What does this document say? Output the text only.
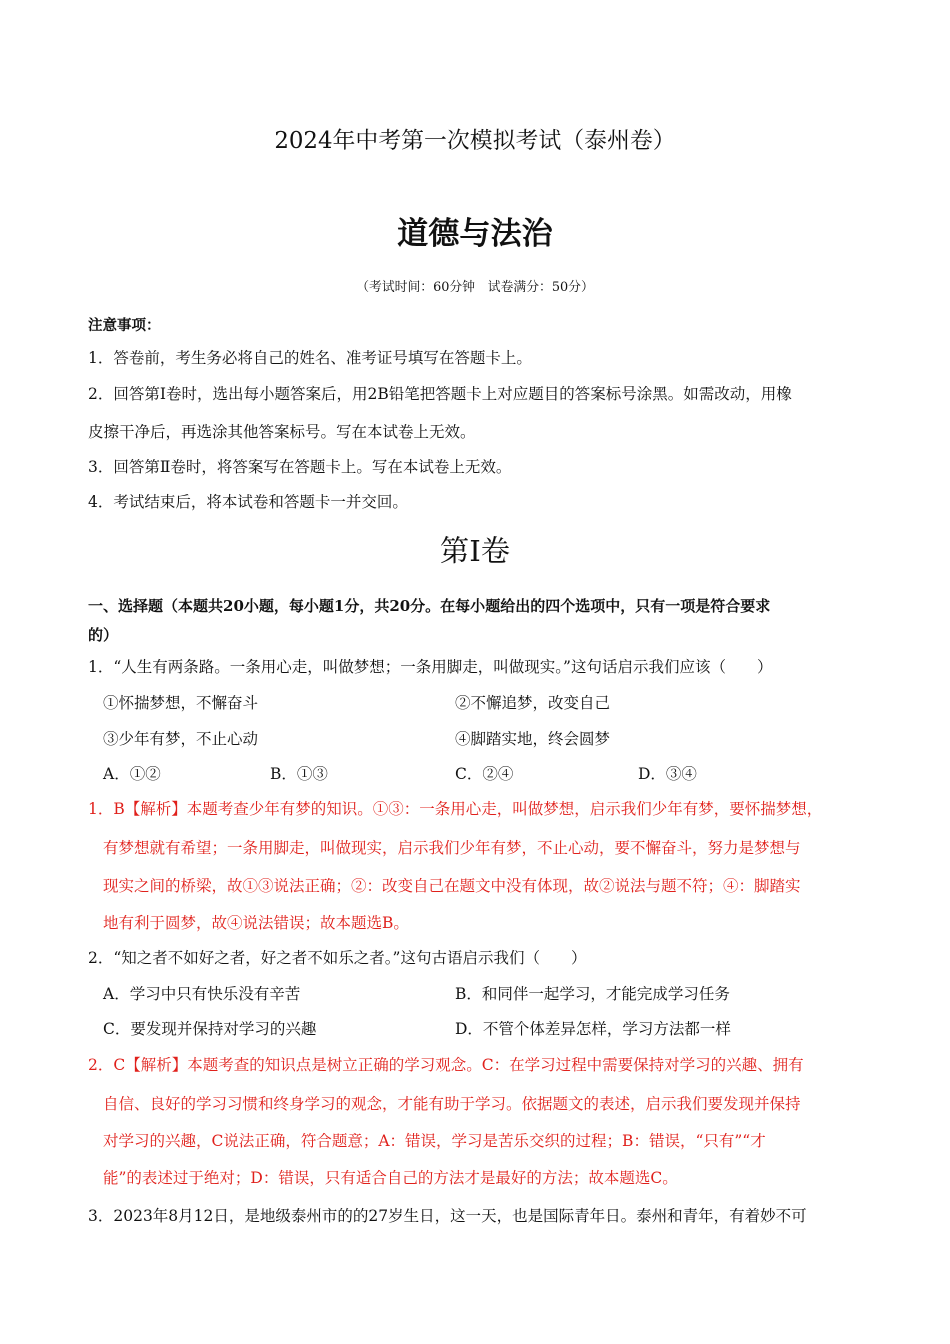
2024年中考第一次模拟考试（泰州卷）
道德与法治
（考试时间：60分钟　试卷满分：50分）
注意事项：
1．答卷前，考生务必将自己的姓名、准考证号填写在答题卡上。
2．回答第Ⅰ卷时，选出每小题答案后，用2B铅笔把答题卡上对应题目的答案标号涂黑。如需改动，用橡
皮擦干净后，再选涂其他答案标号。写在本试卷上无效。
3．回答第Ⅱ卷时，将答案写在答题卡上。写在本试卷上无效。
4．考试结束后，将本试卷和答题卡一并交回。
第Ⅰ卷
一、选择题（本题共20小题，每小题1分，共20分。在每小题给出的四个选项中，只有一项是符合要求
的）
1．“人生有两条路。一条用心走，叫做梦想；一条用脚走，叫做现实。”这句话启示我们应该（　　）
①怀揣梦想，不懈奋斗	②不懈追梦，改变自己
③少年有梦，不止心动	④脚踏实地，终会圆梦
A．①②	B．①③	C．②④	D．③④
1．B【解析】本题考查少年有梦的知识。①③：一条用心走，叫做梦想，启示我们少年有梦，要怀揣梦想，
有梦想就有希望；一条用脚走，叫做现实，启示我们少年有梦，不止心动，要不懈奋斗，努力是梦想与
现实之间的桥梁，故①③说法正确；②：改变自己在题文中没有体现，故②说法与题不符；④：脚踏实
地有利于圆梦，故④说法错误；故本题选B。
2．“知之者不如好之者，好之者不如乐之者。”这句古语启示我们（　　）
A．学习中只有快乐没有辛苦	B．和同伴一起学习，才能完成学习任务
C．要发现并保持对学习的兴趣	D．不管个体差异怎样，学习方法都一样
2．C【解析】本题考查的知识点是树立正确的学习观念。C：在学习过程中需要保持对学习的兴趣、拥有
自信、良好的学习习惯和终身学习的观念，才能有助于学习。依据题文的表述，启示我们要发现并保持
对学习的兴趣，C说法正确，符合题意；A：错误，学习是苦乐交织的过程；B：错误，“只有”“才
能”的表述过于绝对；D：错误，只有适合自己的方法才是最好的方法；故本题选C。
3．2023年8月12日，是地级泰州市的的27岁生日，这一天，也是国际青年日。泰州和青年，有着妙不可
